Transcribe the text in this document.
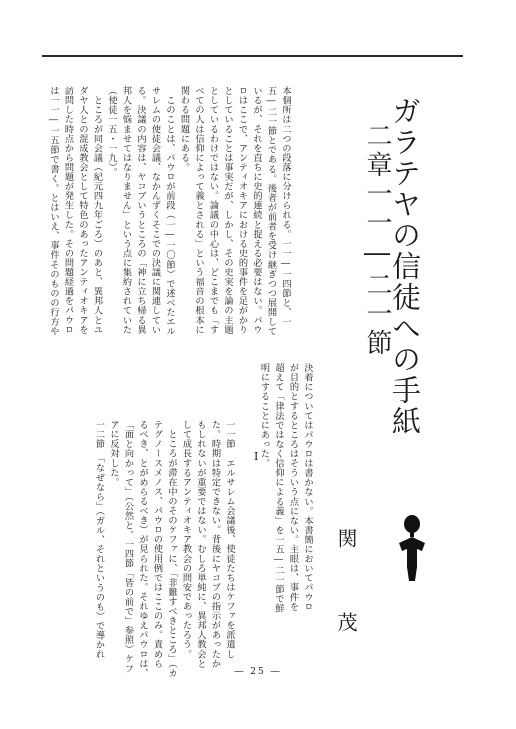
ガラテヤの信徒への手紙
二章一一―二一節
本個所は二つの段落に分けられる。一一―一四節と、一
五―二一節とである。後者が前者を受け継ぎつつ展開して
いるが、それを直ちに史的連続と捉える必要はない。パウ
ロはここで、アンティオキアにおける史的事件を足がかり
としていることは事実だが、しかし、その史実を論の主題
としているわけではない。論議の中心は、どこまでも「す
べての人は信仰によって義とされる」という福音の根本に
関わる問題にある。
　このことは、パウロが前段（一―一〇節）で述べたエル
サレムの使徒会議、なかんずくそこでの決議に関連してい
る。決議の内容は、ヤコブいうところの「神に立ち帰る異
邦人を悩ませてはなりません」という点に集約されていた
（使徒一五・一九）。
　ところが同会議（紀元四九年ごろ）のあと、異邦人とユ
ダヤ人との混成教会として特色のあったアンティオキアを
訪問した時点から問題が発生した。その問題経過をパウロ
は一一―一五節で書く。とはいえ、事件そのものの行方や
決着についてはパウロは書かない。本書簡においてパウロ
が目的とするところはそういう点にない。主眼は、事件を
超えて「律法ではなく信仰による義」を一五―二一節で鮮
明にすることにあった。
一一節　エルサレム会議後、使徒たちはケファを派遣し
た。時期は特定できない。背後にヤコブの指示があったか
もしれないが重要ではない。むしろ単純に、異邦人教会と
して成長するアンティオキア教会の問安であったろう。
　ところが滞在中のそのケファに、「非難すべきところ」（カ
テグノースメノス、パウロの使用例ではここのみ。責めら
るべき、とがめらるべき）が見られた。それゆえパウロは、
「面と向かって」（公然と。一四節「皆の前で」参照）ケフ
アに反対した。
一二節　「なぜなら」（ガル、それというのも）で導かれ	I
関　茂
― 25 ―
